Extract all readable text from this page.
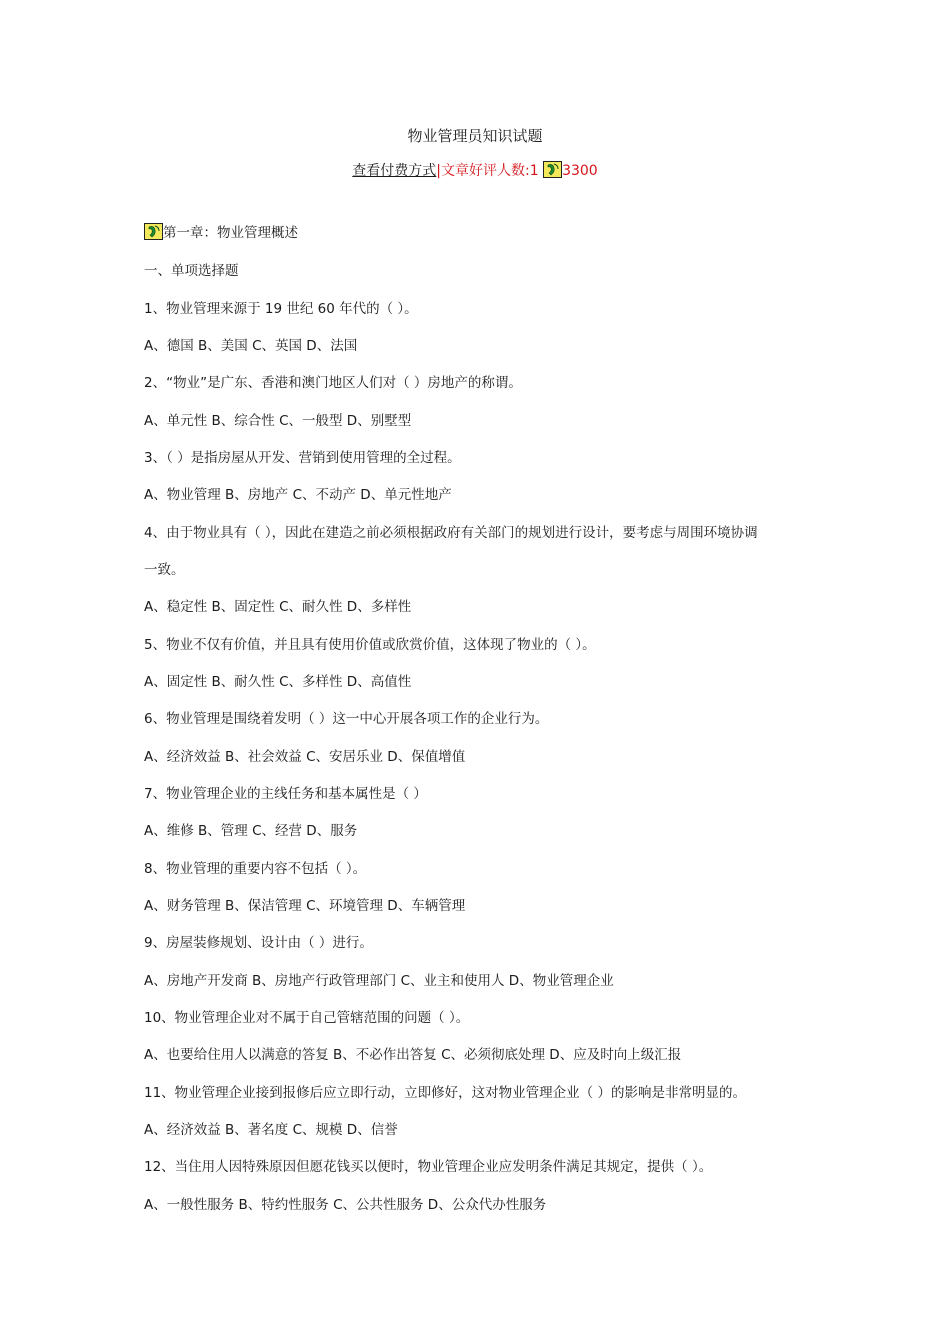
物业管理员知识试题
查看付费方式|文章好评人数:1 3300
第一章：物业管理概述
一、单项选择题
1、物业管理来源于 19 世纪 60 年代的（ ）。
A、德国 B、美国 C、英国 D、法国
2、“物业”是广东、香港和澳门地区人们对（ ）房地产的称谓。
A、单元性 B、综合性 C、一般型 D、别墅型
3、（ ）是指房屋从开发、营销到使用管理的全过程。
A、物业管理 B、房地产 C、不动产 D、单元性地产
4、由于物业具有（ ），因此在建造之前必须根据政府有关部门的规划进行设计，要考虑与周围环境协调
一致。
A、稳定性 B、固定性 C、耐久性 D、多样性
5、物业不仅有价值，并且具有使用价值或欣赏价值，这体现了物业的（ ）。
A、固定性 B、耐久性 C、多样性 D、高值性
6、物业管理是围绕着发明（ ）这一中心开展各项工作的企业行为。
A、经济效益 B、社会效益 C、安居乐业 D、保值增值
7、物业管理企业的主线任务和基本属性是（ ）
A、维修 B、管理 C、经营 D、服务
8、物业管理的重要内容不包括（ ）。
A、财务管理 B、保洁管理 C、环境管理 D、车辆管理
9、房屋装修规划、设计由（ ）进行。
A、房地产开发商 B、房地产行政管理部门 C、业主和使用人 D、物业管理企业
10、物业管理企业对不属于自己管辖范围的问题（ ）。
A、也要给住用人以满意的答复 B、不必作出答复 C、必须彻底处理 D、应及时向上级汇报
11、物业管理企业接到报修后应立即行动，立即修好，这对物业管理企业（ ）的影响是非常明显的。
A、经济效益 B、著名度 C、规模 D、信誉
12、当住用人因特殊原因但愿花钱买以便时，物业管理企业应发明条件满足其规定，提供（ ）。
A、一般性服务 B、特约性服务 C、公共性服务 D、公众代办性服务
